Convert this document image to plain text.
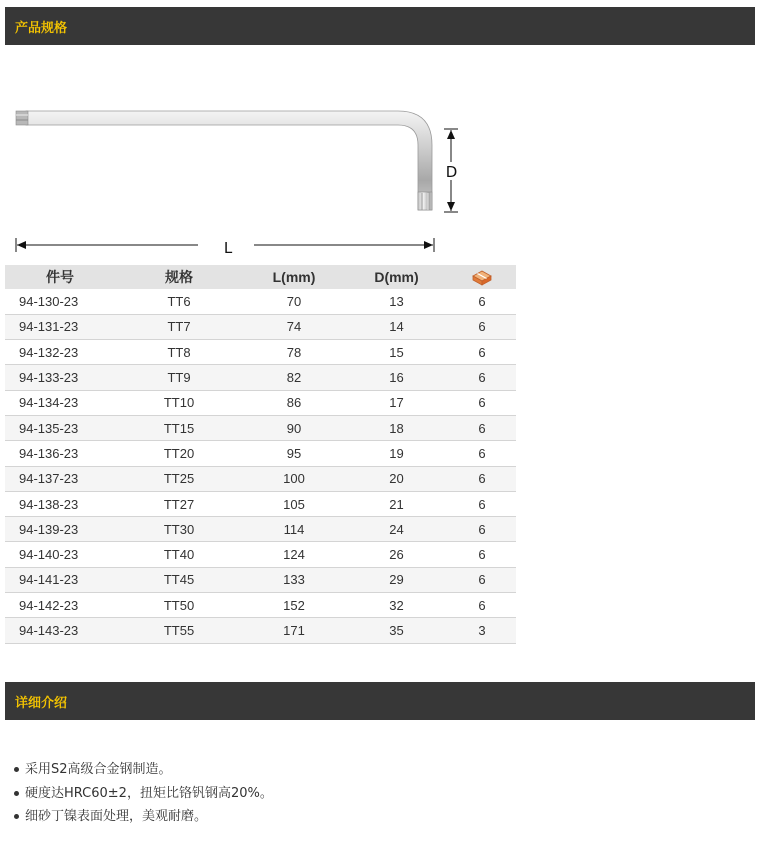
产品规格
D
L
件号	规格	L(mm)	D(mm)	
94-130-23	TT6	70	13	6
94-131-23	TT7	74	14	6
94-132-23	TT8	78	15	6
94-133-23	TT9	82	16	6
94-134-23	TT10	86	17	6
94-135-23	TT15	90	18	6
94-136-23	TT20	95	19	6
94-137-23	TT25	100	20	6
94-138-23	TT27	105	21	6
94-139-23	TT30	114	24	6
94-140-23	TT40	124	26	6
94-141-23	TT45	133	29	6
94-142-23	TT50	152	32	6
94-143-23	TT55	171	35	3
详细介绍
采用S2高级合金钢制造。
硬度达HRC60±2，扭矩比铬钒钢高20%。
细砂丁镍表面处理，美观耐磨。
